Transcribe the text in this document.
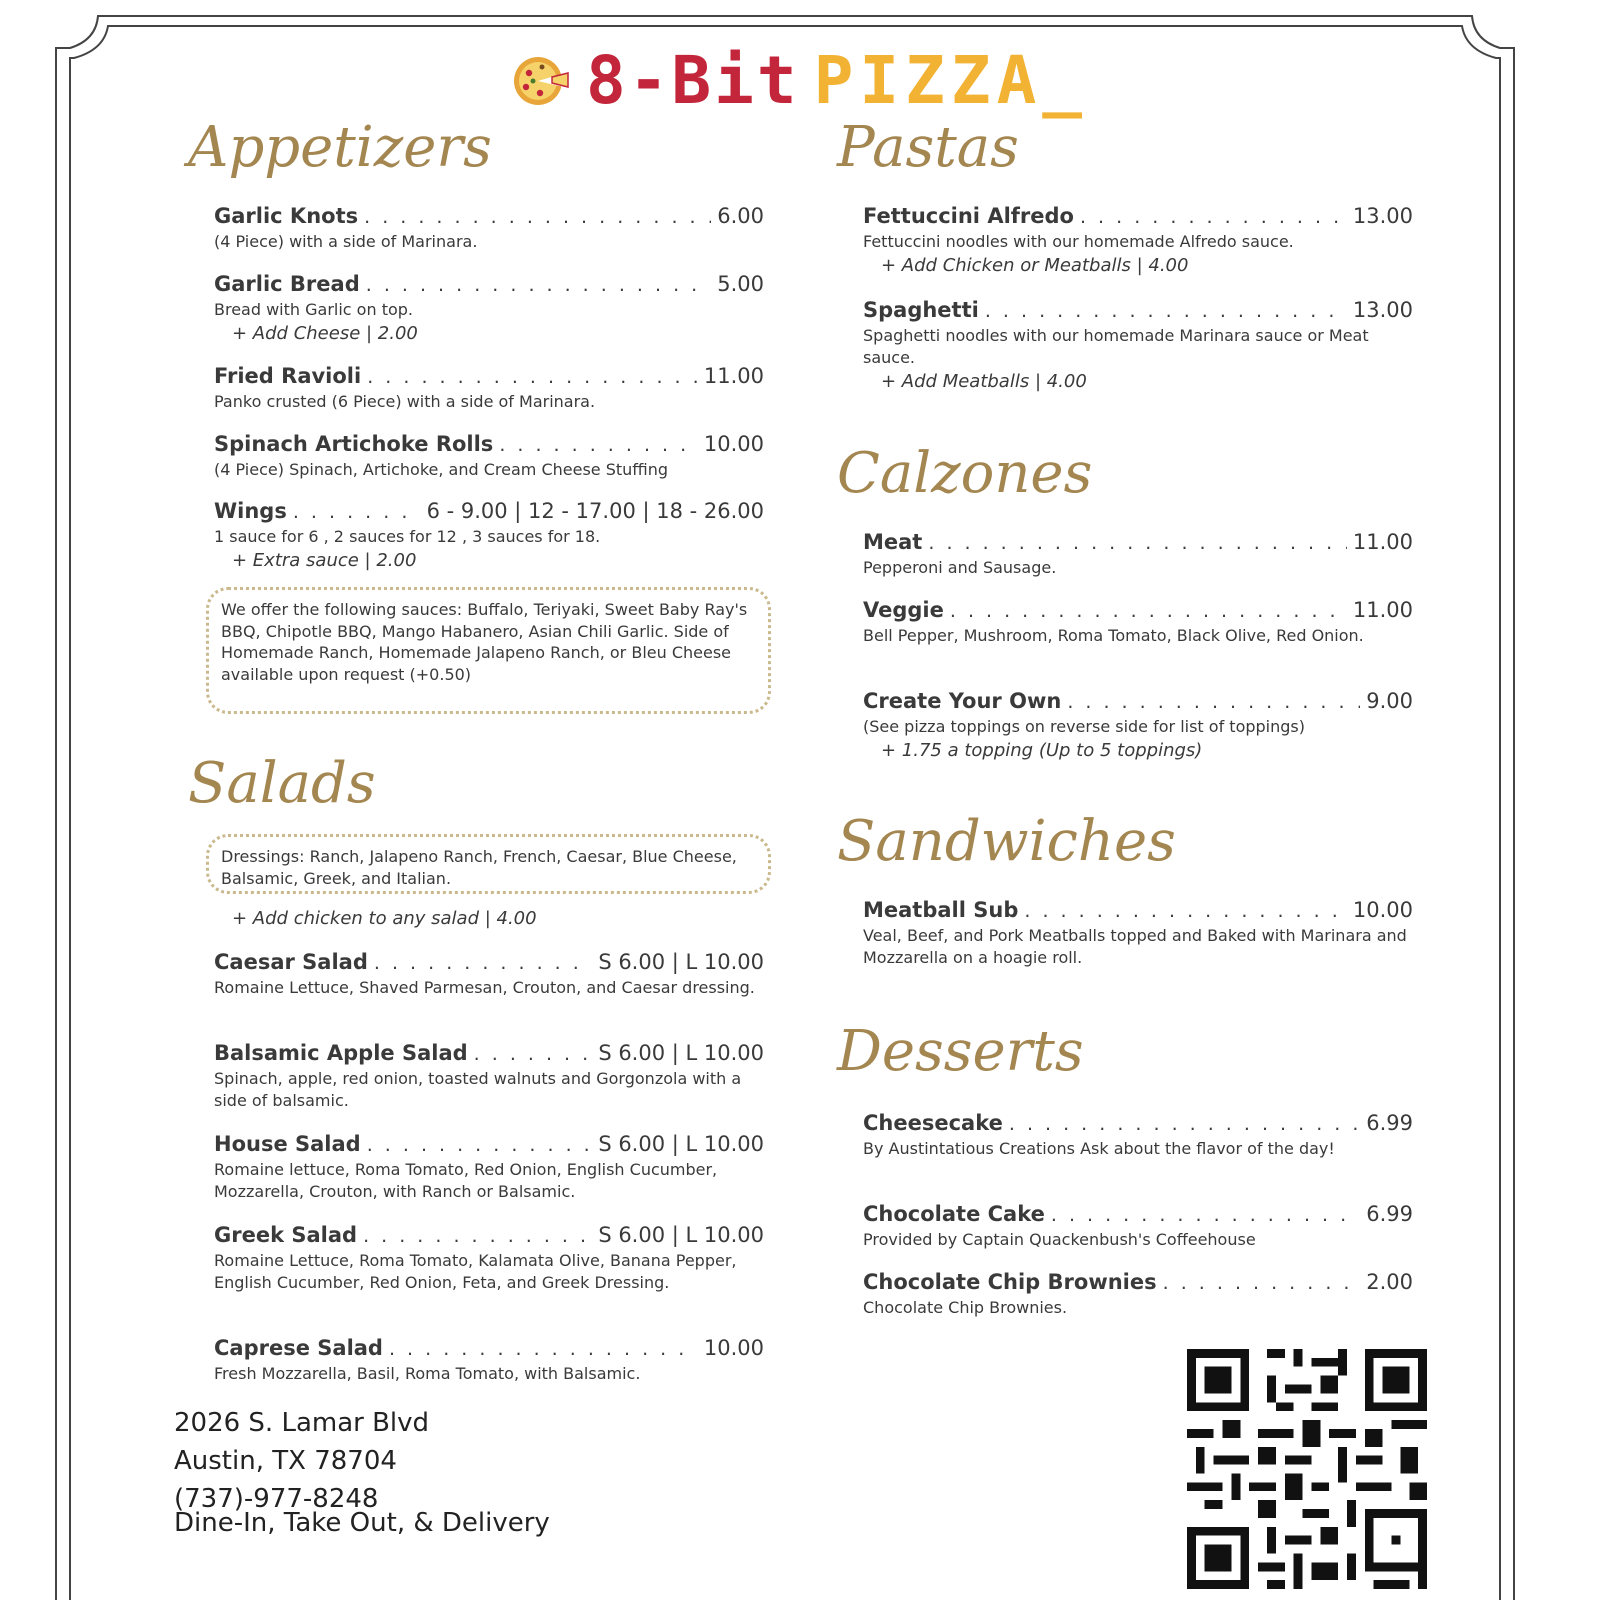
8-Bit PIZZA_
Appetizers
Garlic Knots . . .	6.00
(4 Piece) with a side of Marinara.
Garlic Bread . . .	5.00
Bread with Garlic on top.
+ Add Cheese | 2.00
Fried Ravioli . . .	11.00
Panko crusted (6 Piece) with a side of Marinara.
Spinach Artichoke Rolls . . .	10.00
(4 Piece) Spinach, Artichoke, and Cream Cheese Stuffing
Wings . . .	6 - 9.00 | 12 - 17.00 | 18 - 26.00
1 sauce for 6 , 2 sauces for 12 , 3 sauces for 18.
+ Extra sauce | 2.00
We offer the following sauces: Buffalo, Teriyaki, Sweet Baby Ray's BBQ, Chipotle BBQ, Mango Habanero, Asian Chili Garlic. Side of Homemade Ranch, Homemade Jalapeno Ranch, or Bleu Cheese available upon request (+0.50)
Salads
Dressings: Ranch, Jalapeno Ranch, French, Caesar, Blue Cheese, Balsamic, Greek, and Italian.
+ Add chicken to any salad | 4.00
Caesar Salad . . .	S 6.00 | L 10.00
Romaine Lettuce, Shaved Parmesan, Crouton, and Caesar dressing.
Balsamic Apple Salad . . .	S 6.00 | L 10.00
Spinach, apple, red onion, toasted walnuts and Gorgonzola with a side of balsamic.
House Salad . . .	S 6.00 | L 10.00
Romaine lettuce, Roma Tomato, Red Onion, English Cucumber, Mozzarella, Crouton, with Ranch or Balsamic.
Greek Salad . . .	S 6.00 | L 10.00
Romaine Lettuce, Roma Tomato, Kalamata Olive, Banana Pepper, English Cucumber, Red Onion, Feta, and Greek Dressing.
Caprese Salad . . .	10.00
Fresh Mozzarella, Basil, Roma Tomato, with Balsamic.
Pastas
Fettuccini Alfredo . . .	13.00
Fettuccini noodles with our homemade Alfredo sauce.
+ Add Chicken or Meatballs | 4.00
Spaghetti . . .	13.00
Spaghetti noodles with our homemade Marinara sauce or Meat sauce.
+ Add Meatballs | 4.00
Calzones
Meat . . .	11.00
Pepperoni and Sausage.
Veggie . . .	11.00
Bell Pepper, Mushroom, Roma Tomato, Black Olive, Red Onion.
Create Your Own . . .	9.00
(See pizza toppings on reverse side for list of toppings)
+ 1.75 a topping (Up to 5 toppings)
Sandwiches
Meatball Sub . . .	10.00
Veal, Beef, and Pork Meatballs topped and Baked with Marinara and Mozzarella on a hoagie roll.
Desserts
Cheesecake . . .	6.99
By Austintatious Creations Ask about the flavor of the day!
Chocolate Cake . . .	6.99
Provided by Captain Quackenbush's Coffeehouse
Chocolate Chip Brownies . . .	2.00
Chocolate Chip Brownies.
2026 S. Lamar Blvd
Austin, TX 78704
(737)-977-8248
Dine-In, Take Out, & Delivery
